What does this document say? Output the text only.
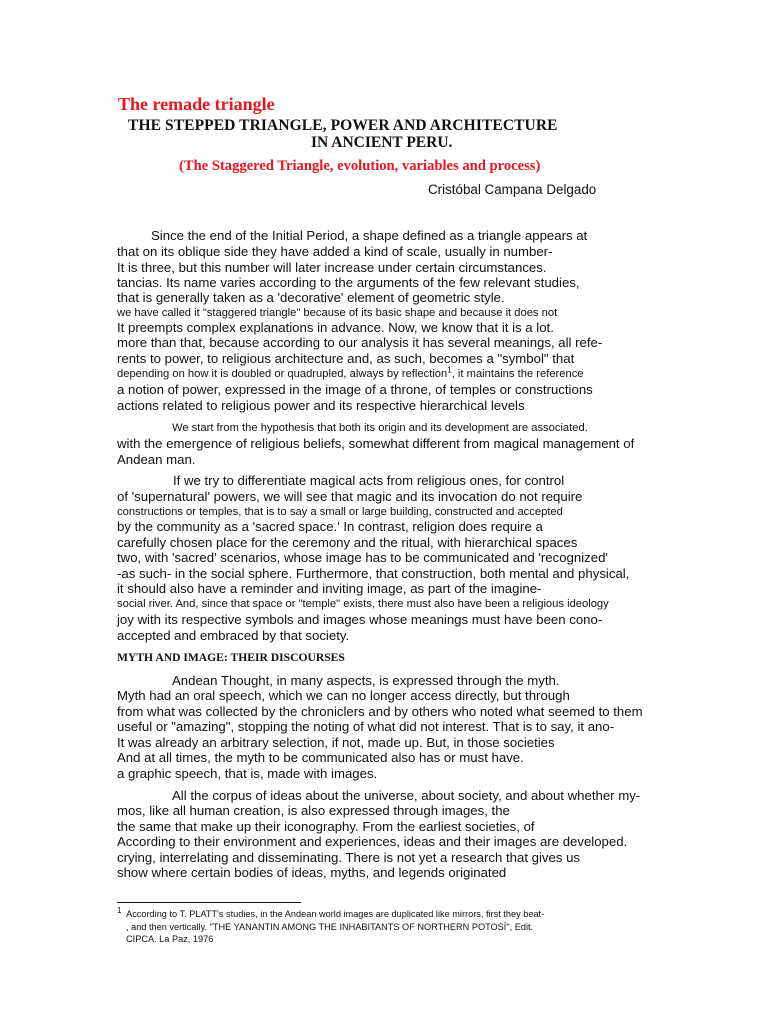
The remade triangle
THE STEPPED TRIANGLE, POWER AND ARCHITECTURE
IN ANCIENT PERU.
(The Staggered Triangle, evolution, variables and process)
Cristóbal Campana Delgado
Since the end of the Initial Period, a shape defined as a triangle appears at
that on its oblique side they have added a kind of scale, usually in number-
It is three, but this number will later increase under certain circumstances.
tancias. Its name varies according to the arguments of the few relevant studies,
that is generally taken as a 'decorative' element of geometric style.
we have called it "staggered triangle" because of its basic shape and because it does not
It preempts complex explanations in advance. Now, we know that it is a lot.
more than that, because according to our analysis it has several meanings, all refe-
rents to power, to religious architecture and, as such, becomes a "symbol" that
depending on how it is doubled or quadrupled, always by reflection$^1$, it maintains the reference
a notion of power, expressed in the image of a throne, of temples or constructions
actions related to religious power and its respective hierarchical levels
We start from the hypothesis that both its origin and its development are associated.
with the emergence of religious beliefs, somewhat different from magical management of
Andean man.
If we try to differentiate magical acts from religious ones, for control
of 'supernatural' powers, we will see that magic and its invocation do not require
constructions or temples, that is to say a small or large building, constructed and accepted
by the community as a 'sacred space.' In contrast, religion does require a
carefully chosen place for the ceremony and the ritual, with hierarchical spaces
two, with 'sacred' scenarios, whose image has to be communicated and 'recognized'
-as such- in the social sphere. Furthermore, that construction, both mental and physical,
it should also have a reminder and inviting image, as part of the imagine-
social river. And, since that space or "temple" exists, there must also have been a religious ideology
joy with its respective symbols and images whose meanings must have been cono-
accepted and embraced by that society.
MYTH AND IMAGE: THEIR DISCOURSES
Andean Thought, in many aspects, is expressed through the myth.
Myth had an oral speech, which we can no longer access directly, but through
from what was collected by the chroniclers and by others who noted what seemed to them
useful or "amazing", stopping the noting of what did not interest. That is to say, it ano-
It was already an arbitrary selection, if not, made up. But, in those societies
And at all times, the myth to be communicated also has or must have.
a graphic speech, that is, made with images.
All the corpus of ideas about the universe, about society, and about whether my-
mos, like all human creation, is also expressed through images, the
the same that make up their iconography. From the earliest societies, of
According to their environment and experiences, ideas and their images are developed.
crying, interrelating and disseminating. There is not yet a research that gives us
show where certain bodies of ideas, myths, and legends originated
$^1$ According to T. PLATT's studies, in the Andean world images are duplicated like mirrors, first they beat-
, and then vertically. "THE YANANTIN AMONG THE INHABITANTS OF NORTHERN POTOSÍ", Edit.
CIPCA. La Paz, 1976
